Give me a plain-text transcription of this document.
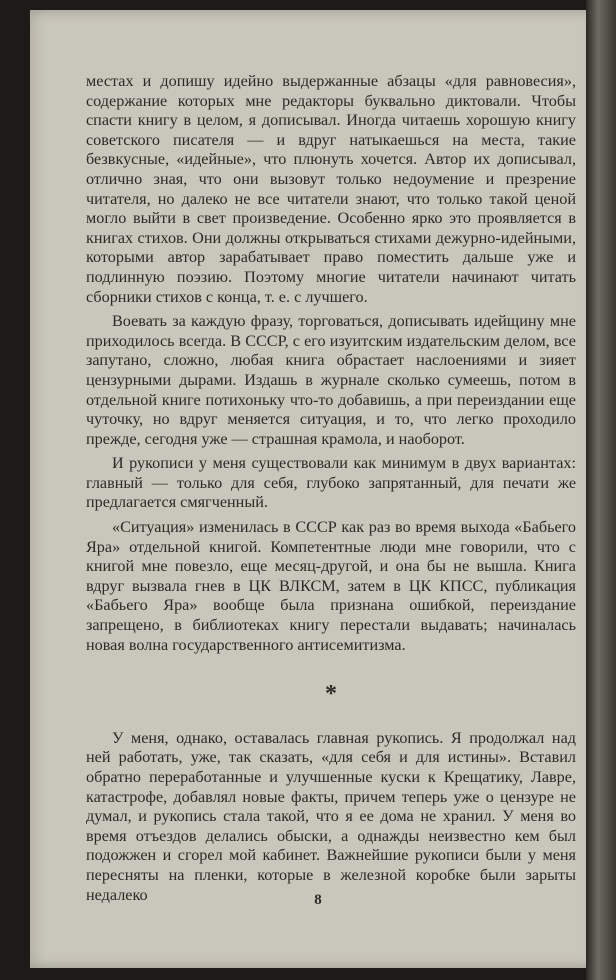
местах и допишу идейно выдержанные абзацы «для равновесия», содержание которых мне редакторы буквально диктовали. Чтобы спасти книгу в целом, я дописывал. Иногда читаешь хорошую книгу советского писателя — и вдруг натыкаешься на места, такие безвкусные, «идейные», что плюнуть хочется. Автор их дописывал, отлично зная, что они вызовут только недоумение и презрение читателя, но далеко не все читатели знают, что только такой ценой могло выйти в свет произведение. Особенно ярко это проявляется в книгах стихов. Они должны открываться стихами дежурно-идейными, которыми автор зарабатывает право поместить дальше уже и подлинную поэзию. Поэтому многие читатели начинают читать сборники стихов с конца, т. е. с лучшего.

Воевать за каждую фразу, торговаться, дописывать идейщину мне приходилось всегда. В СССР, с его изуитским издательским делом, все запутано, сложно, любая книга обрастает наслоениями и зияет цензурными дырами. Издашь в журнале сколько сумеешь, потом в отдельной книге потихоньку что-то добавишь, а при переиздании еще чуточку, но вдруг меняется ситуация, и то, что легко проходило прежде, сегодня уже — страшная крамола, и наоборот.

И рукописи у меня существовали как минимум в двух вариантах: главный — только для себя, глубоко запрятанный, для печати же предлагается смягченный.

«Ситуация» изменилась в СССР как раз во время выхода «Бабьего Яра» отдельной книгой. Компетентные люди мне говорили, что с книгой мне повезло, еще месяц-другой, и она бы не вышла. Книга вдруг вызвала гнев в ЦК ВЛКСМ, затем в ЦК КПСС, публикация «Бабьего Яра» вообще была признана ошибкой, переиздание запрещено, в библиотеках книгу перестали выдавать; начиналась новая волна государственного антисемитизма.

*

У меня, однако, оставалась главная рукопись. Я продолжал над ней работать, уже, так сказать, «для себя и для истины». Вставил обратно переработанные и улучшенные куски к Крещатику, Лавре, катастрофе, добавлял новые факты, причем теперь уже о цензуре не думал, и рукопись стала такой, что я ее дома не хранил. У меня во время отъездов делались обыски, а однажды неизвестно кем был подожжен и сгорел мой кабинет. Важнейшие рукописи были у меня пересняты на пленки, которые в железной коробке были зарыты недалеко	8
